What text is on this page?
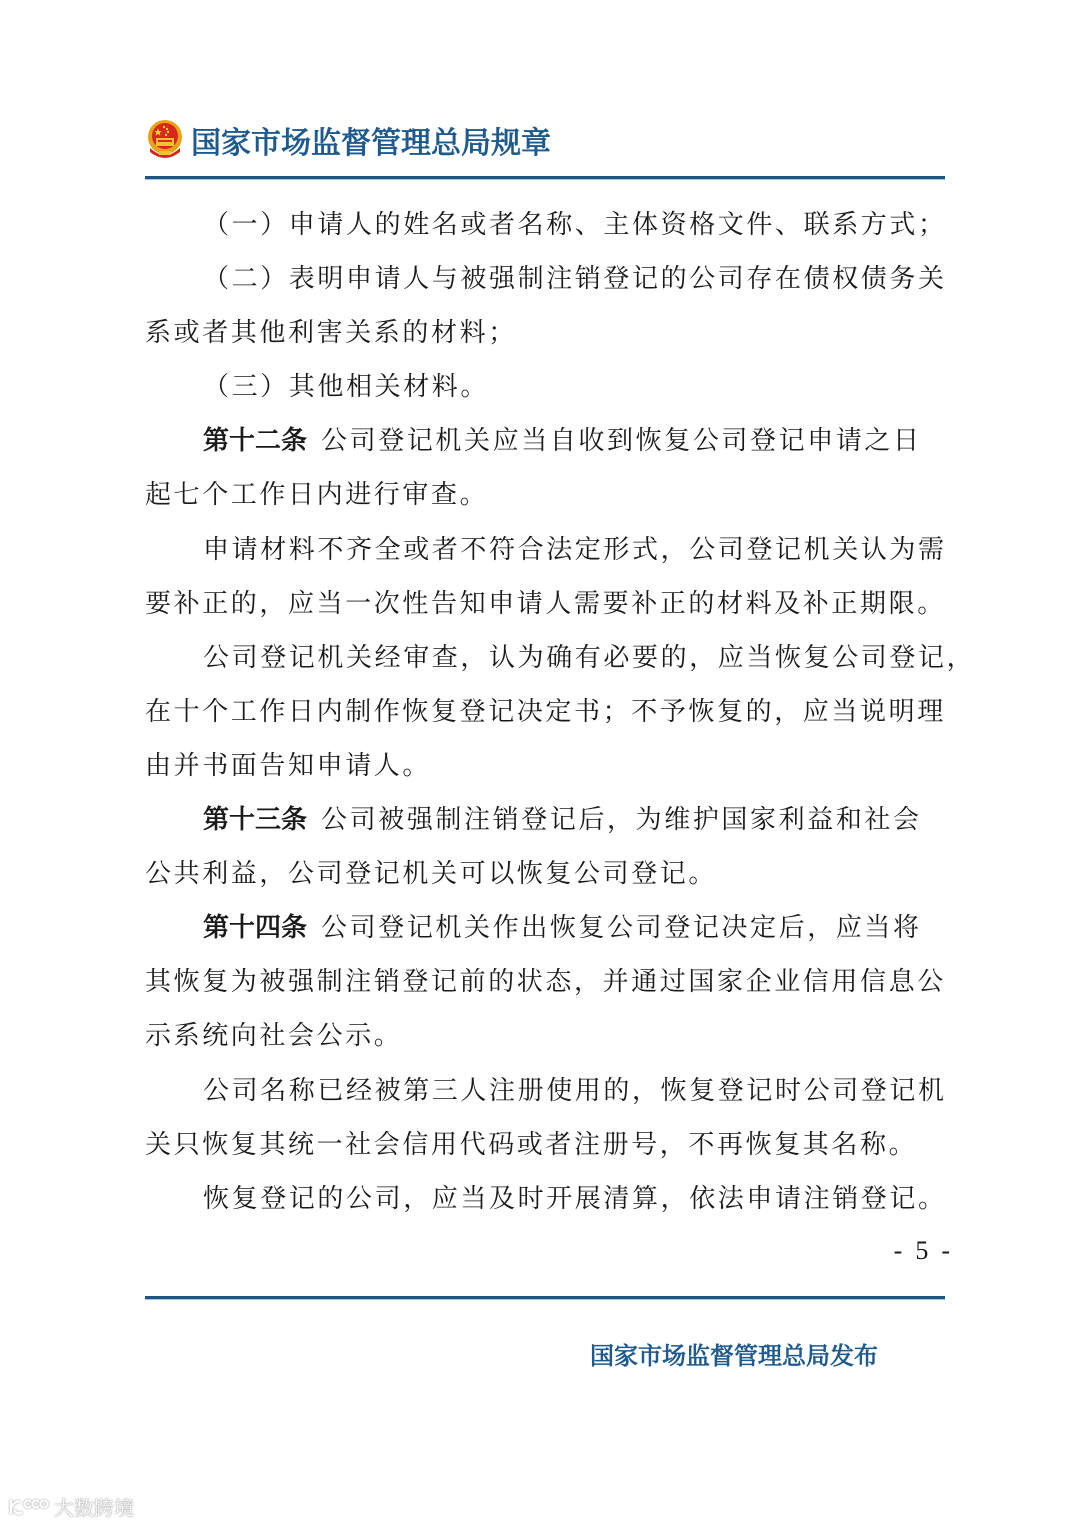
国家市场监督管理总局规章
（一）申请人的姓名或者名称、主体资格文件、联系方式；
（二）表明申请人与被强制注销登记的公司存在债权债务关
系或者其他利害关系的材料；
（三）其他相关材料。
第十二条 公司登记机关应当自收到恢复公司登记申请之日
起七个工作日内进行审查。
申请材料不齐全或者不符合法定形式，公司登记机关认为需
要补正的，应当一次性告知申请人需要补正的材料及补正期限。
公司登记机关经审查，认为确有必要的，应当恢复公司登记，
在十个工作日内制作恢复登记决定书；不予恢复的，应当说明理
由并书面告知申请人。
第十三条 公司被强制注销登记后，为维护国家利益和社会
公共利益，公司登记机关可以恢复公司登记。
第十四条 公司登记机关作出恢复公司登记决定后，应当将
其恢复为被强制注销登记前的状态，并通过国家企业信用信息公
示系统向社会公示。
公司名称已经被第三人注册使用的，恢复登记时公司登记机
关只恢复其统一社会信用代码或者注册号，不再恢复其名称。
恢复登记的公司，应当及时开展清算，依法申请注销登记。
-  5  -
国家市场监督管理总局发布
大数跨境
